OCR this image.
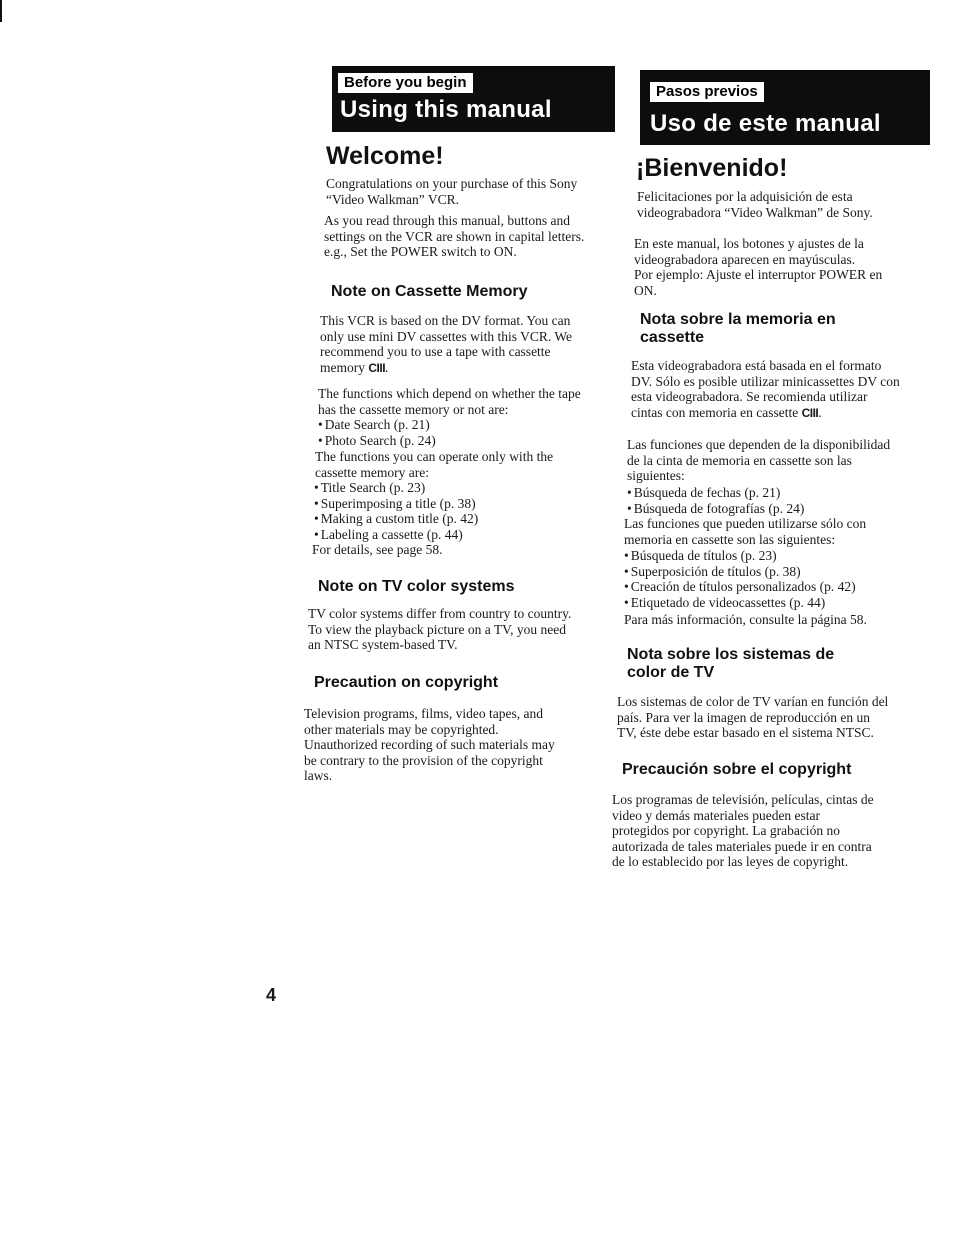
Before you begin
Using this manual
Pasos previos
Uso de este manual
Welcome!

Congratulations on your purchase of this Sony
“Video Walkman” VCR.

As you read through this manual, buttons and
settings on the VCR are shown in capital letters.
e.g., Set the POWER switch to ON.

Note on Cassette Memory

This VCR is based on the DV format. You can
only use mini DV cassettes with this VCR. We
recommend you to use a tape with cassette
memory CIII.

The functions which depend on whether the tape
has the cassette memory or not are:

• Date Search (p. 21)
• Photo Search (p. 24)

The functions you can operate only with the
cassette memory are:

• Title Search (p. 23)
• Superimposing a title (p. 38)
• Making a custom title (p. 42)
• Labeling a cassette (p. 44)

For details, see page 58.

Note on TV color systems

TV color systems differ from country to country.
To view the playback picture on a TV, you need
an NTSC system-based TV.

Precaution on copyright

Television programs, films, video tapes, and
other materials may be copyrighted.
Unauthorized recording of such materials may
be contrary to the provision of the copyright
laws.

¡Bienvenido!

Felicitaciones por la adquisición de esta
videograbadora “Video Walkman” de Sony.

En este manual, los botones y ajustes de la
videograbadora aparecen en mayúsculas.
Por ejemplo: Ajuste el interruptor POWER en
ON.

Nota sobre la memoria en
cassette

Esta videograbadora está basada en el formato
DV. Sólo es posible utilizar minicassettes DV con
esta videograbadora. Se recomienda utilizar
cintas con memoria en cassette CIII.

Las funciones que dependen de la disponibilidad
de la cinta de memoria en cassette son las
siguientes:

• Búsqueda de fechas (p. 21)
• Búsqueda de fotografías (p. 24)

Las funciones que pueden utilizarse sólo con
memoria en cassette son las siguientes:

• Búsqueda de títulos (p. 23)
• Superposición de títulos (p. 38)
• Creación de títulos personalizados (p. 42)
• Etiquetado de videocassettes (p. 44)

Para más información, consulte la página 58.

Nota sobre los sistemas de
color de TV

Los sistemas de color de TV varían en función del
país. Para ver la imagen de reproducción en un
TV, éste debe estar basado en el sistema NTSC.

Precaución sobre el copyright

Los programas de televisión, películas, cintas de
video y demás materiales pueden estar
protegidos por copyright. La grabación no
autorizada de tales materiales puede ir en contra
de lo establecido por las leyes de copyright.

4
